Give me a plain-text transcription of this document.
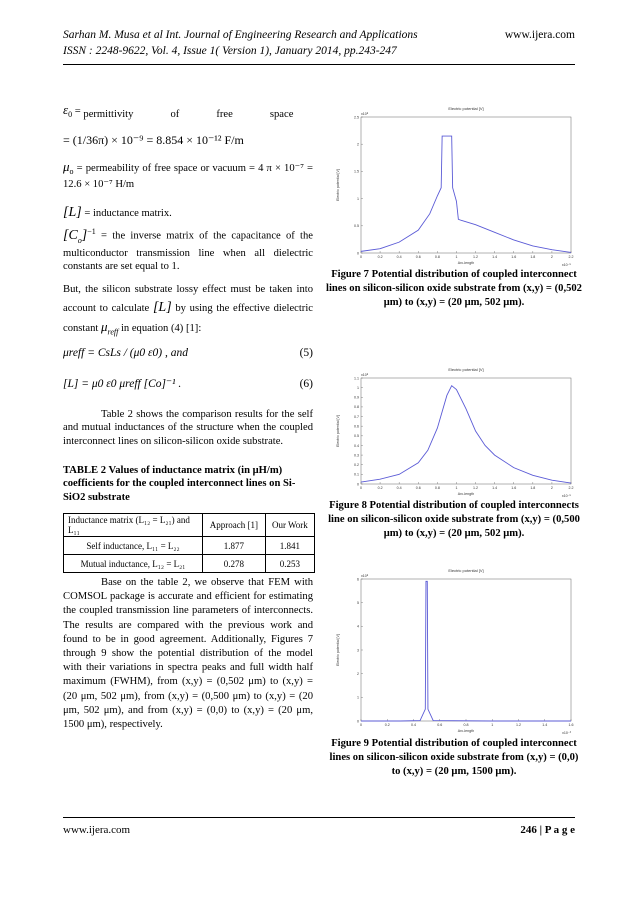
Sarhan M. Musa et al Int. Journal of Engineering Research and Applications	www.ijera.com
ISSN : 2248-9622, Vol. 4, Issue 1( Version 1), January 2014, pp.243-247
$\varepsilon_0$ = permittivity of free space
= (1/36π) × 10⁻⁹ = 8.854 × 10⁻¹² F/m
$\mu_o$ = permeability of free space or vacuum = 4 π × 10⁻⁷ = 12.6 × 10⁻⁷ H/m
[L] = inductance matrix.
$[C_o]^{-1}$ = the inverse matrix of the capacitance of the multiconductor transmission line when all dielectric constants are set equal to 1.
But, the silicon substrate lossy effect must be taken into account to calculate [L] by using the effective dielectric constant $\mu_{reff}$ in equation (4) [1]:
μreff = CsLs / (μ0 ε0) , and	(5)
[L] = μ0 ε0 μreff [Co]⁻¹ .	(6)
Table 2 shows the comparison results for the self and mutual inductances of the structure when the coupled interconnect lines on silicon-silicon oxide substrate.
TABLE 2 Values of inductance matrix (in μH/m) coefficients for the coupled interconnect lines on Si-SiO2 substrate
Inductance matrix (L₁₂ = L₂₁) and L₁₁	Approach [1]	Our Work
Self inductance, L₁₁ = L₂₂	1.877	1.841
Mutual inductance, L₁₂ = L₂₁	0.278	0.253
Base on the table 2, we observe that FEM with COMSOL package is accurate and efficient for estimating the coupled transmission line parameters of interconnects. The results are compared with the previous work and found to be in good agreement. Additionally, Figures 7 through 9 show the potential distribution of the model with their variations in spectra peaks and full width half maximum (FWHM), from (x,y) = (0,502 μm) to (x,y) = (20 μm, 502 μm), from (x,y) = (0,500 μm) to (x,y) = (20 μm, 502 μm), and from (x,y) = (0,0) to (x,y) = (20 μm, 1500 μm), respectively.
Electric potential [V]
x10⁸
x10⁻⁵
Arc-length
Electric potential [V]
0	0.2	0.4	0.6	0.8	1	1.2	1.4	1.6	1.8	2	2.2
0
0.5
1
1.5
2
2.5
Figure 7 Potential distribution of coupled interconnect lines on silicon-silicon oxide substrate from (x,y) = (0,502 μm) to (x,y) = (20 μm, 502 μm).
Electric potential [V]
x10⁸
x10⁻⁵
Arc-length
Electric potential [V]
0	0.2	0.4	0.6	0.8	1	1.2	1.4	1.6	1.8	2	2.2
0
0.1
0.2
0.3
0.4
0.5
0.6
0.7
0.8
0.9
1
1.1
Figure 8 Potential distribution of coupled interconnects line on silicon-silicon oxide substrate from (x,y) = (0,500 μm) to (x,y) = (20 μm, 502 μm).
Electric potential [V]
x10⁸
x10⁻³
Arc-length
Electric potential [V]
0	0.2	0.4	0.6	0.8	1	1.2	1.4	1.6
0
1
2
3
4
5
6
Figure 9 Potential distribution of coupled interconnect lines on silicon-silicon oxide substrate from (x,y) = (0,0) to (x,y) = (20 μm, 1500 μm).
www.ijera.com	246 | P a g e
